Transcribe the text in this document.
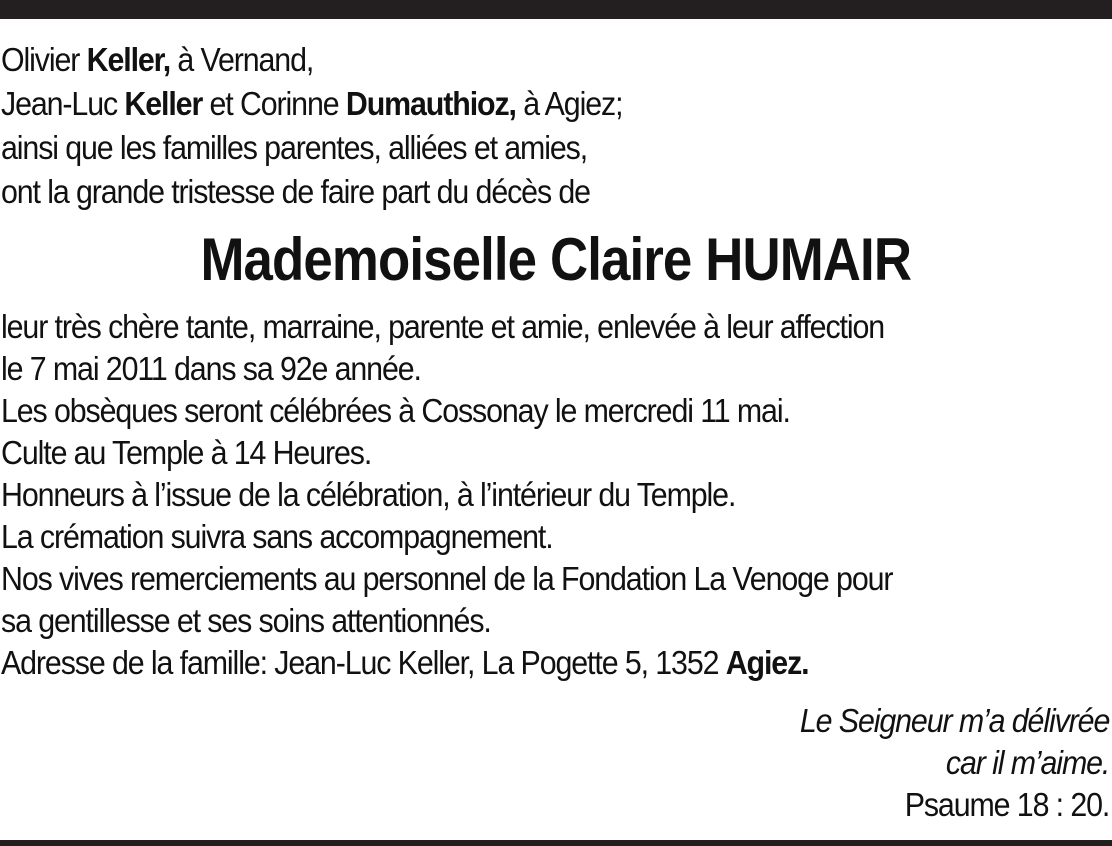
Olivier Keller, à Vernand,
Jean-Luc Keller et Corinne Dumauthioz, à Agiez;
ainsi que les familles parentes, alliées et amies,
ont la grande tristesse de faire part du décès de
Mademoiselle Claire HUMAIR
leur très chère tante, marraine, parente et amie, enlevée à leur affection
le 7 mai 2011 dans sa 92e année.
Les obsèques seront célébrées à Cossonay le mercredi 11 mai.
Culte au Temple à 14 Heures.
Honneurs à l’issue de la célébration, à l’intérieur du Temple.
La crémation suivra sans accompagnement.
Nos vives remerciements au personnel de la Fondation La Venoge pour
sa gentillesse et ses soins attentionnés.
Adresse de la famille: Jean-Luc Keller, La Pogette 5, 1352 Agiez.
Le Seigneur m’a délivrée
car il m’aime.
Psaume 18 : 20.
